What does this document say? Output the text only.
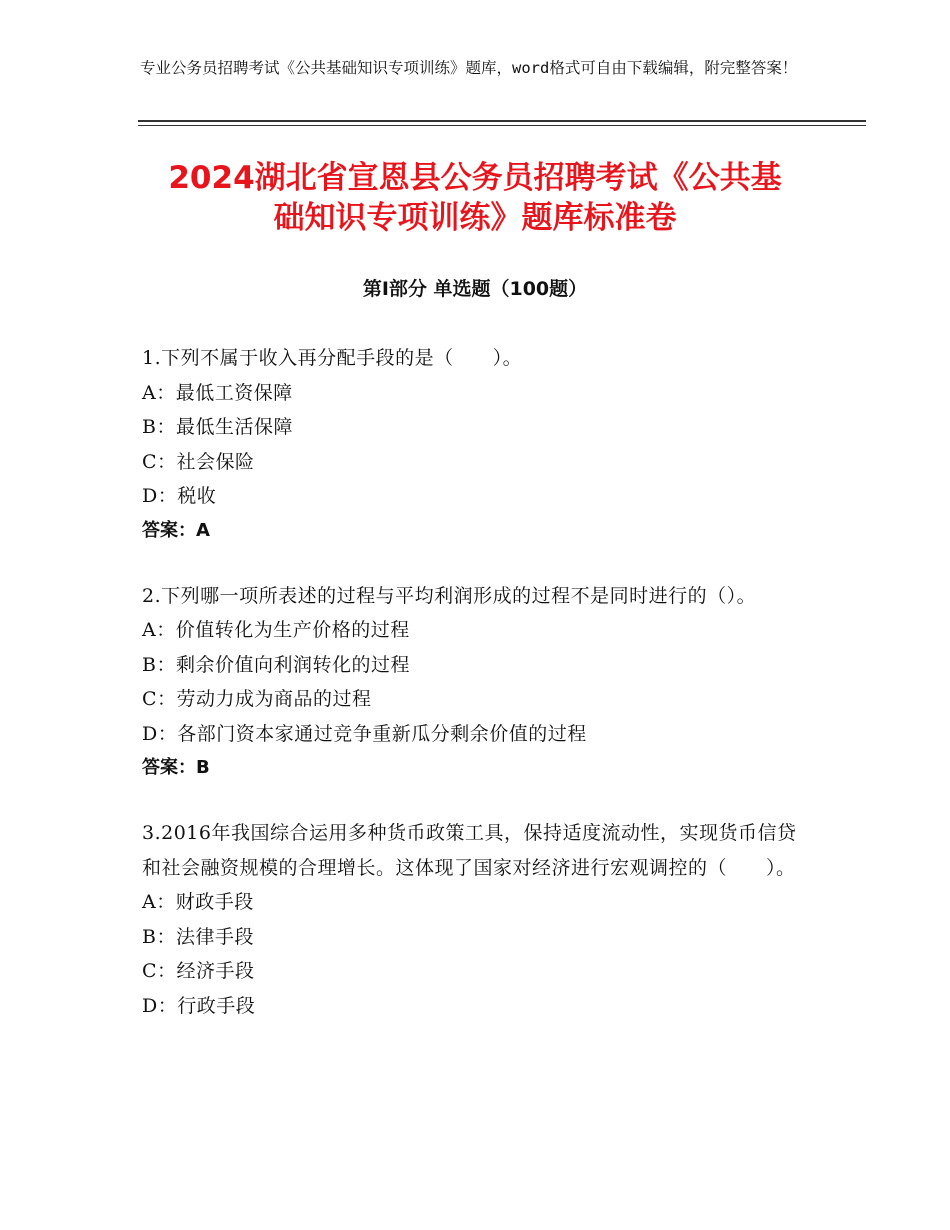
专业公务员招聘考试《公共基础知识专项训练》题库，word格式可自由下载编辑，附完整答案！
2024湖北省宣恩县公务员招聘考试《公共基
础知识专项训练》题库标准卷
第Ⅰ部分 单选题（100题）
1.下列不属于收入再分配手段的是（　　）。
A：最低工资保障
B：最低生活保障
C：社会保险
D：税收
答案：A
2.下列哪一项所表述的过程与平均利润形成的过程不是同时进行的（）。
A：价值转化为生产价格的过程
B：剩余价值向利润转化的过程
C：劳动力成为商品的过程
D：各部门资本家通过竞争重新瓜分剩余价值的过程
答案：B
3.2016年我国综合运用多种货币政策工具，保持适度流动性，实现货币信贷和社会融资规模的合理增长。这体现了国家对经济进行宏观调控的（　　）。
A：财政手段
B：法律手段
C：经济手段
D：行政手段
